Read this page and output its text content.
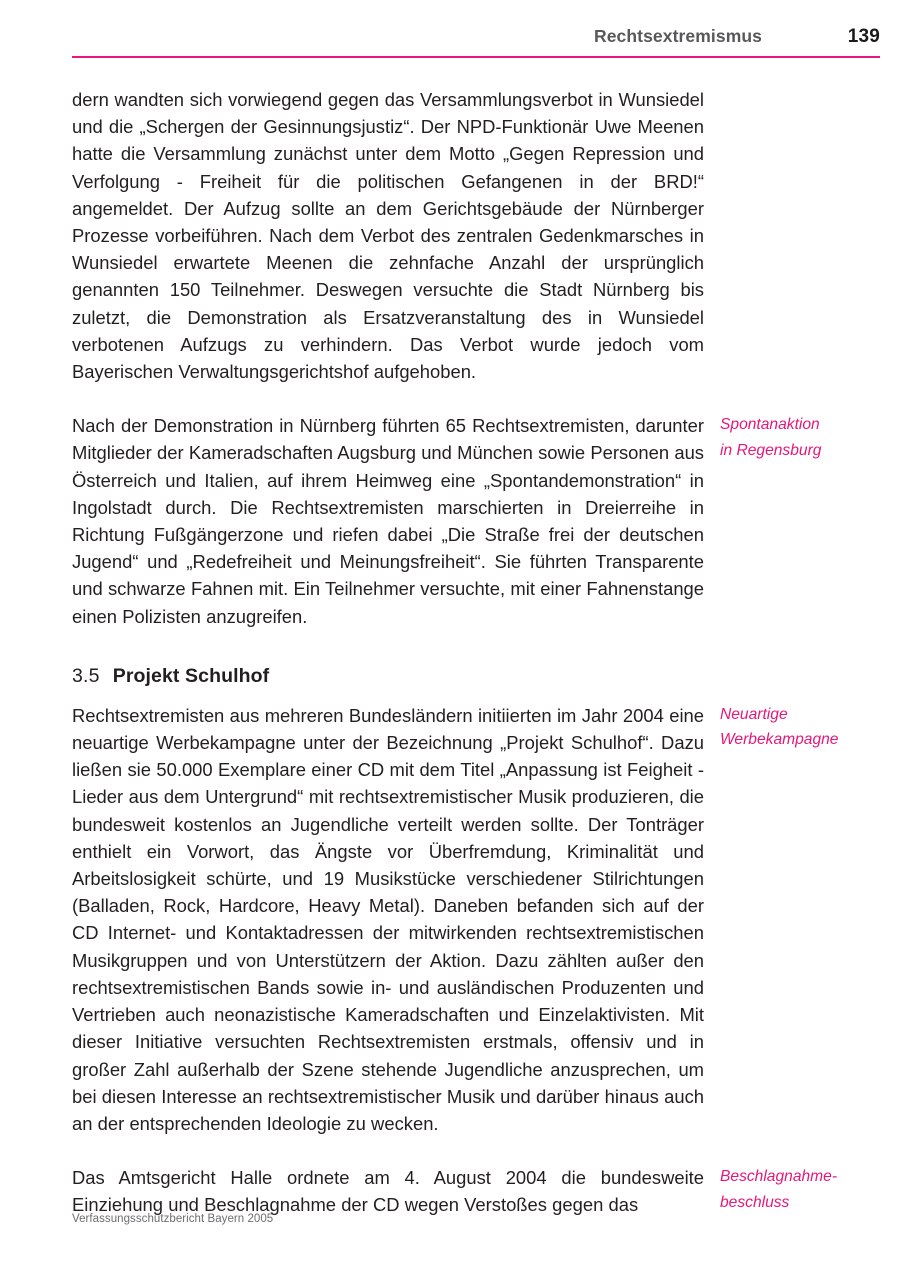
Rechtsextremismus	139

dern wandten sich vorwiegend gegen das Versammlungsverbot in Wunsiedel und die „Schergen der Gesinnungsjustiz“. Der NPD-Funktionär Uwe Meenen hatte die Versammlung zunächst unter dem Motto „Gegen Repression und Verfolgung - Freiheit für die politischen Gefangenen in der BRD!“ angemeldet. Der Aufzug sollte an dem Gerichtsgebäude der Nürnberger Prozesse vorbeiführen. Nach dem Verbot des zentralen Gedenkmarsches in Wunsiedel erwartete Meenen die zehnfache Anzahl der ursprünglich genannten 150 Teilnehmer. Deswegen versuchte die Stadt Nürnberg bis zuletzt, die Demonstration als Ersatzveranstaltung des in Wunsiedel verbotenen Aufzugs zu verhindern. Das Verbot wurde jedoch vom Bayerischen Verwaltungsgerichtshof aufgehoben.

Nach der Demonstration in Nürnberg führten 65 Rechtsextremisten, darunter Mitglieder der Kameradschaften Augsburg und München sowie Personen aus Österreich und Italien, auf ihrem Heimweg eine „Spontandemonstration“ in Ingolstadt durch. Die Rechtsextremisten marschierten in Dreierreihe in Richtung Fußgängerzone und riefen dabei „Die Straße frei der deutschen Jugend“ und „Redefreiheit und Meinungsfreiheit“. Sie führten Transparente und schwarze Fahnen mit. Ein Teilnehmer versuchte, mit einer Fahnenstange einen Polizisten anzugreifen.

Spontanaktion
in Regensburg
3.5 Projekt Schulhof

Rechtsextremisten aus mehreren Bundesländern initiierten im Jahr 2004 eine neuartige Werbekampagne unter der Bezeichnung „Projekt Schulhof“. Dazu ließen sie 50.000 Exemplare einer CD mit dem Titel „Anpassung ist Feigheit - Lieder aus dem Untergrund“ mit rechtsextremistischer Musik produzieren, die bundesweit kostenlos an Jugendliche verteilt werden sollte. Der Tonträger enthielt ein Vorwort, das Ängste vor Überfremdung, Kriminalität und Arbeitslosigkeit schürte, und 19 Musikstücke verschiedener Stilrichtungen (Balladen, Rock, Hardcore, Heavy Metal). Daneben befanden sich auf der CD Internet- und Kontaktadressen der mitwirkenden rechtsextremistischen Musikgruppen und von Unterstützern der Aktion. Dazu zählten außer den rechtsextremistischen Bands sowie in- und ausländischen Produzenten und Vertrieben auch neonazistische Kameradschaften und Einzelaktivisten. Mit dieser Initiative versuchten Rechtsextremisten erstmals, offensiv und in großer Zahl außerhalb der Szene stehende Jugendliche anzusprechen, um bei diesen Interesse an rechtsextremistischer Musik und darüber hinaus auch an der entsprechenden Ideologie zu wecken.

Neuartige
Werbekampagne

Das Amtsgericht Halle ordnete am 4. August 2004 die bundesweite Einziehung und Beschlagnahme der CD wegen Verstoßes gegen das

Beschlagnahme-
beschluss
Verfassungsschutzbericht Bayern 2005
